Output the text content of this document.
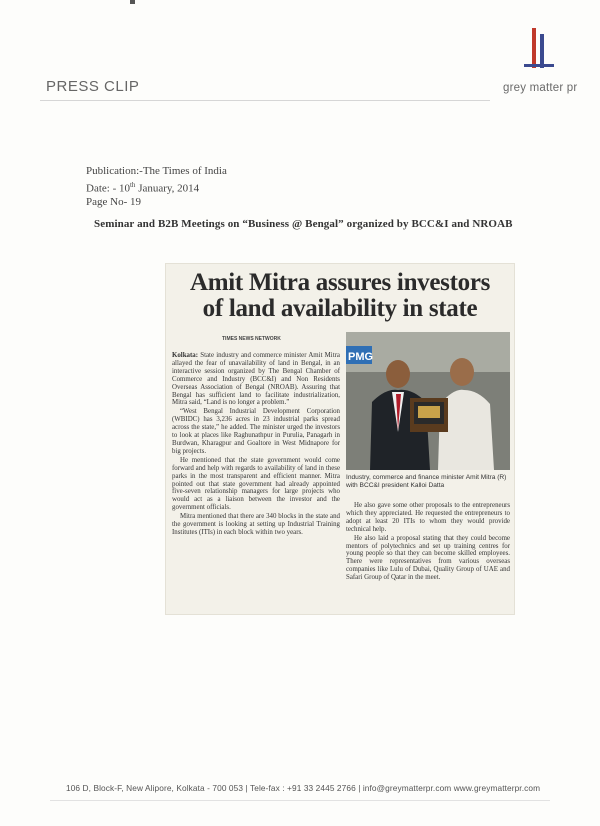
PRESS CLIP	grey matter pr
Publication:-The Times of India
Date: - 10th January, 2014
Page No- 19
Seminar and B2B Meetings on “Business @ Bengal” organized by BCC&I and NROAB
Amit Mitra assures investors
of land availability in state
TIMES NEWS NETWORK

Kolkata: State industry and commerce minister Amit Mitra allayed the fear of unavailability of land in Bengal, in an interactive session organized by The Bengal Chamber of Commerce and Industry (BCC&I) and Non Residents Overseas Association of Bengal (NROAB). Assuring that Bengal has sufficient land to facilitate industrialization, Mitra said, “Land is no longer a problem.”

“West Bengal Industrial Development Corporation (WBIDC) has 3,236 acres in 23 industrial parks spread across the state,” he added. The minister urged the investors to look at places like Raghunathpur in Purulia, Panagarh in Burdwan, Kharagpur and Goaltore in West Midnapore for big projects.

He mentioned that the state government would come forward and help with regards to availability of land in these parks in the most transparent and efficient manner. Mitra pointed out that state government had already appointed five-seven relationship managers for large projects who would act as a liaison between the investor and the government officials.

Mitra mentioned that there are 340 blocks in the state and the government is looking at setting up Industrial Training Institutes (ITIs) in each block within two years.

PMG
Industry, commerce and finance minister Amit Mitra (R) with BCC&I president Kalloi Datta

He also gave some other proposals to the entrepreneurs which they appreciated. He requested the entrepreneurs to adopt at least 20 ITIs to whom they would provide technical help.

He also laid a proposal stating that they could become mentors of polytechnics and set up training centres for young people so that they can become skilled employees. There were representatives from various overseas companies like Lulu of Dubai, Quality Group of UAE and Safari Group of Qatar in the meet.

106 D, Block-F, New Alipore, Kolkata - 700 053 | Tele-fax : +91 33 2445 2766 | info@greymatterpr.com www.greymatterpr.com
